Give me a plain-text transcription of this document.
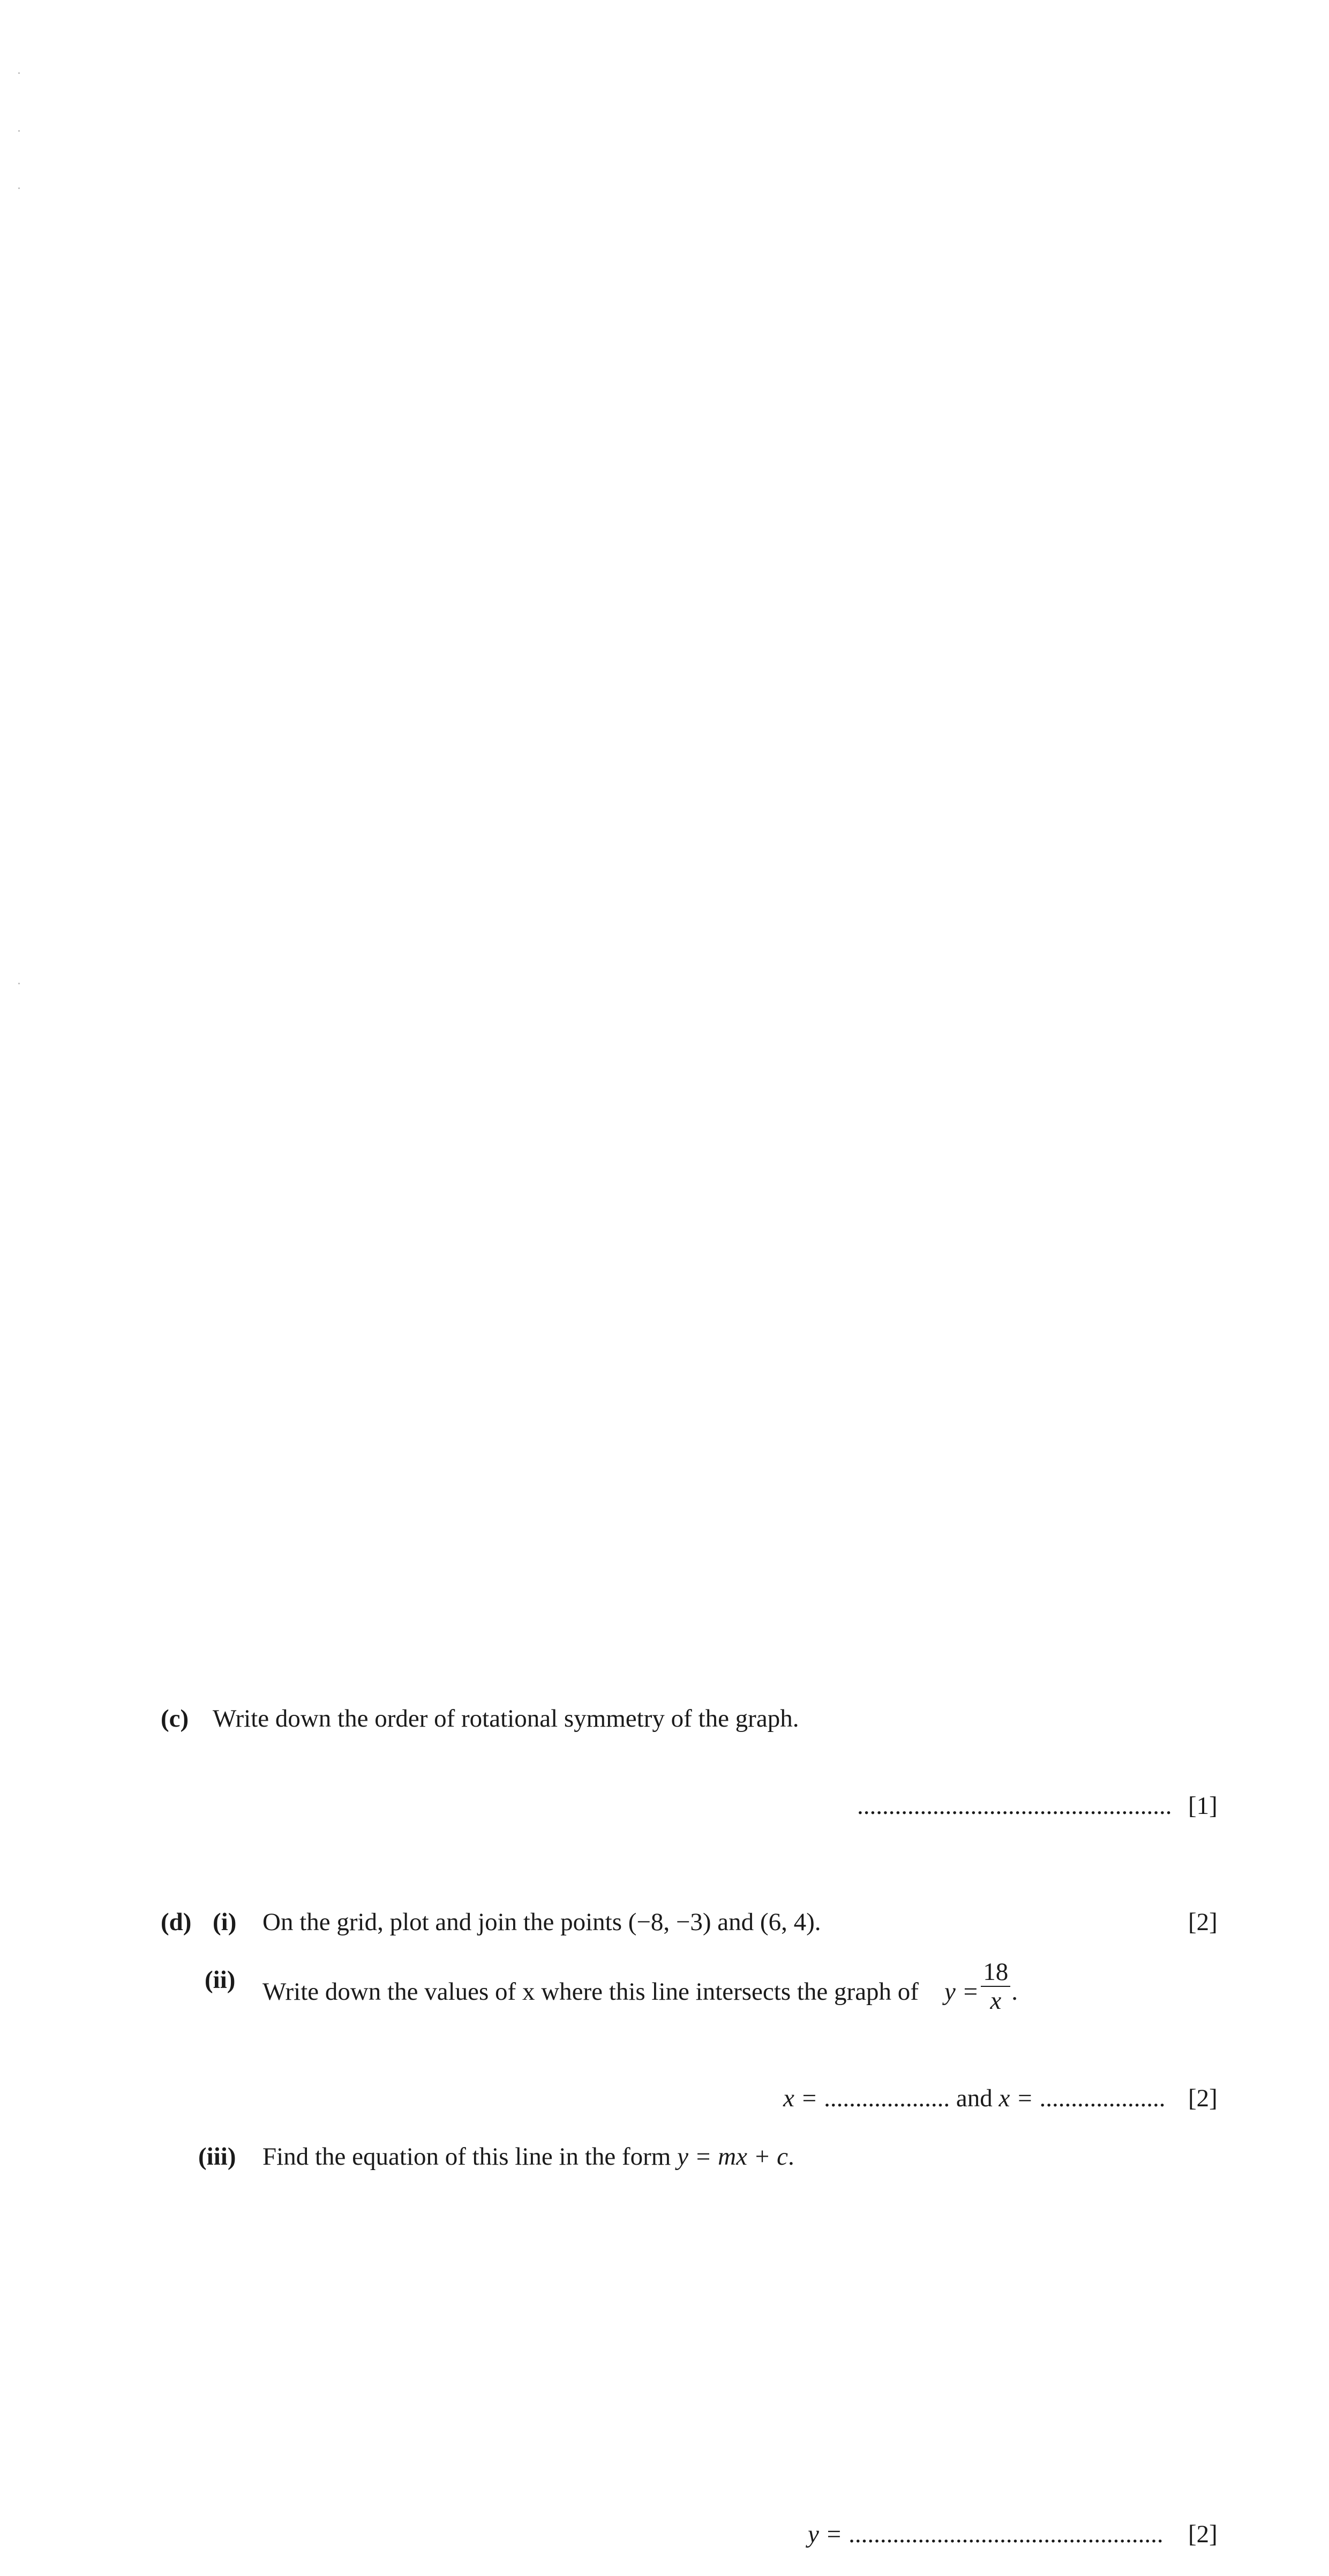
(c) Write down the order of rotational symmetry of the graph.
.................................................. [1]
(d) (i) On the grid, plot and join the points (−8, −3) and (6, 4).	[2]
(ii) Write down the values of x where this line intersects the graph of $y = \frac{18}{x}$ .
x = .................... and x = .................... [2]
(iii) Find the equation of this line in the form y = mx + c.
y = .................................................. [2]
